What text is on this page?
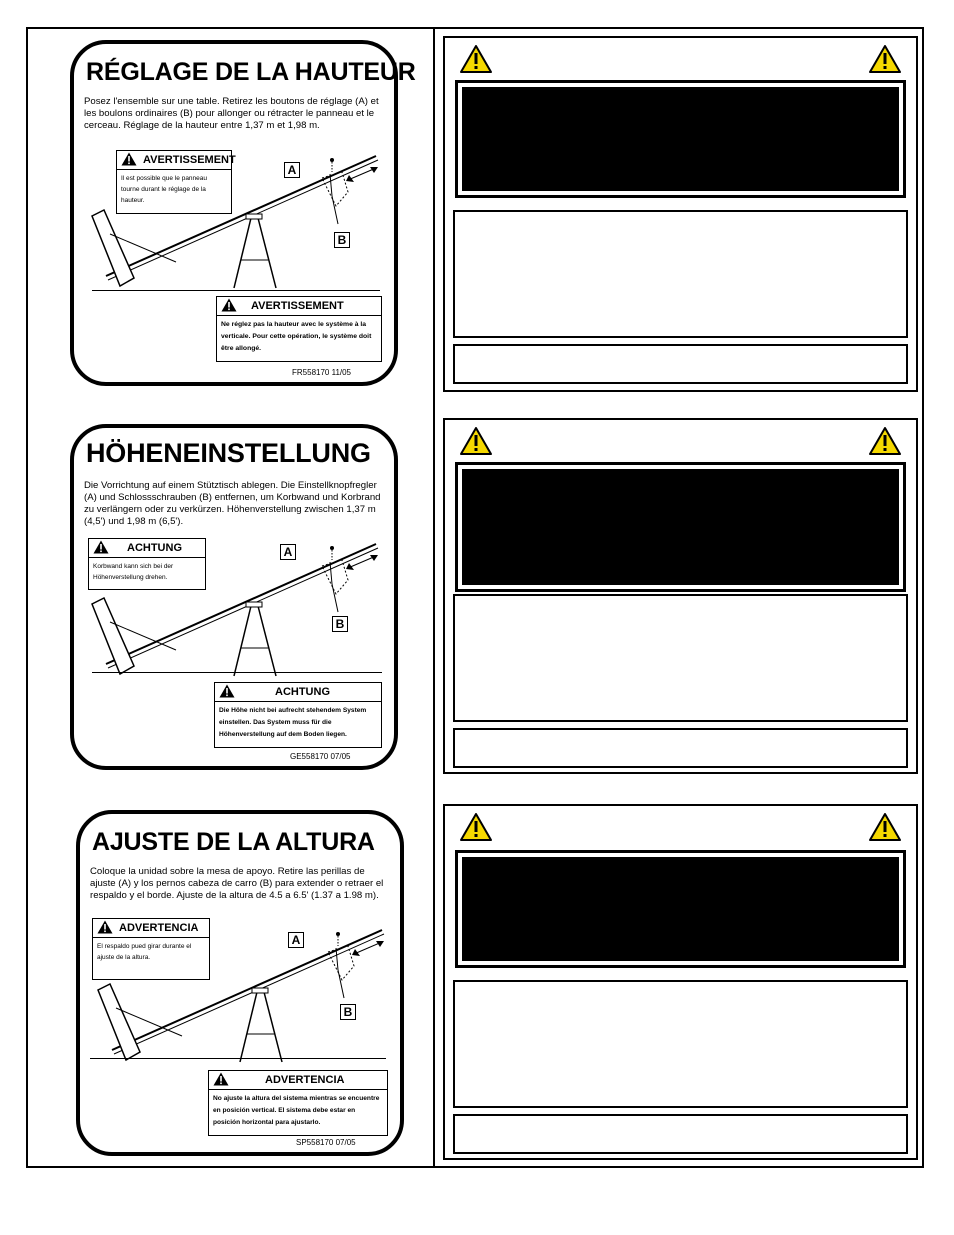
RÉGLAGE DE LA HAUTEUR
Posez l'ensemble sur une table. Retirez les boutons de réglage (A) et les boulons ordinaires (B) pour allonger ou rétracter le panneau et le cerceau. Réglage de la hauteur entre 1,37 m et 1,98 m.
AVERTISSEMENT
Il est possible que le panneau tourne durant le réglage de la hauteur.
A
B
AVERTISSEMENT
Ne réglez pas la hauteur avec le système à la verticale. Pour cette opération, le système doit être allongé.
FR558170 11/05
HÖHENEINSTELLUNG
Die Vorrichtung auf einem Stütztisch ablegen. Die Einstellknopfregler (A) und Schlossschrauben (B) entfernen, um Korbwand und Korbrand zu verlängern oder zu verkürzen. Höhenverstellung zwischen 1,37 m (4,5') und 1,98 m (6,5').
ACHTUNG
Korbwand kann sich bei der Höhenverstellung drehen.
A
B
ACHTUNG
Die Höhe nicht bei aufrecht stehendem System einstellen. Das System muss für die Höhenverstellung auf dem Boden liegen.
GE558170 07/05
AJUSTE DE LA ALTURA
Coloque la unidad sobre la mesa de apoyo. Retire las perillas de ajuste (A) y los pernos cabeza de carro (B) para extender o retraer el respaldo y el borde. Ajuste de la altura de 4.5 a 6.5' (1.37 a 1.98 m).
ADVERTENCIA
El respaldo pued girar durante el ajuste de la altura.
A
B
ADVERTENCIA
No ajuste la altura del sistema mientras se encuentre en posición vertical. El sistema debe estar en posición horizontal para ajustarlo.
SP558170 07/05
